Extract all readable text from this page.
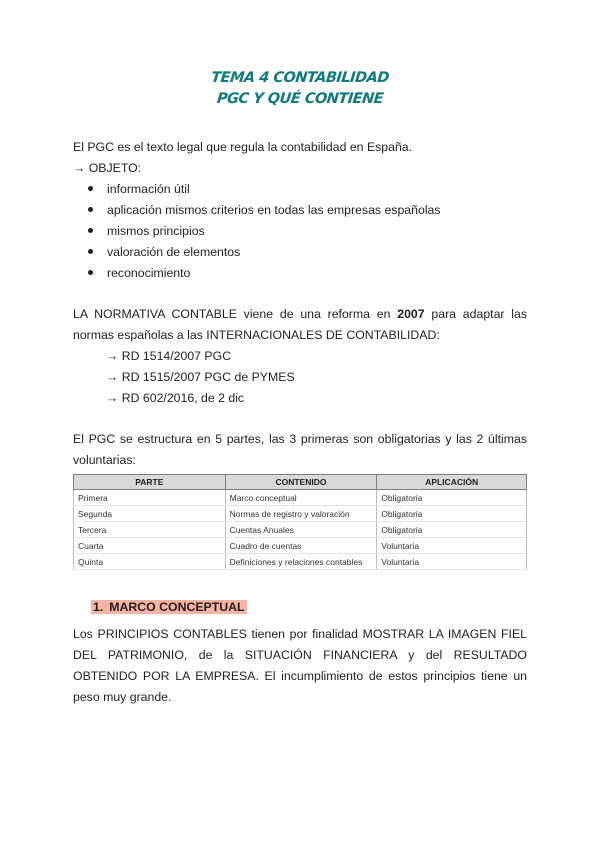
TEMA 4 CONTABILIDAD
PGC Y QUÉ CONTIENE
El PGC es el texto legal que regula la contabilidad en España.
→ OBJETO:
información útil
aplicación mismos criterios en todas las empresas españolas
mismos principios
valoración de elementos
reconocimiento
LA NORMATIVA CONTABLE viene de una reforma en 2007 para adaptar las
normas españolas a las INTERNACIONALES DE CONTABILIDAD:
→ RD 1514/2007 PGC
→ RD 1515/2007 PGC de PYMES
→ RD 602/2016, de 2 dic
El PGC se estructura en 5 partes, las 3 primeras son obligatorias y las 2 últimas
voluntarias:
PARTE	CONTENIDO	APLICACIÓN
Primera	Marco conceptual	Obligatoria
Segunda	Normas de registro y valoración	Obligatoria
Tercera	Cuentas Anuales	Obligatoria
Cuarta	Cuadro de cuentas	Voluntaria
Quinta	Definiciones y relaciones contables	Voluntaria
1. MARCO CONCEPTUAL
Los PRINCIPIOS CONTABLES tienen por finalidad MOSTRAR LA IMAGEN FIEL DEL PATRIMONIO, de la SITUACIÓN FINANCIERA y del RESULTADO OBTENIDO POR LA EMPRESA. El incumplimiento de estos principios tiene un peso muy grande.
